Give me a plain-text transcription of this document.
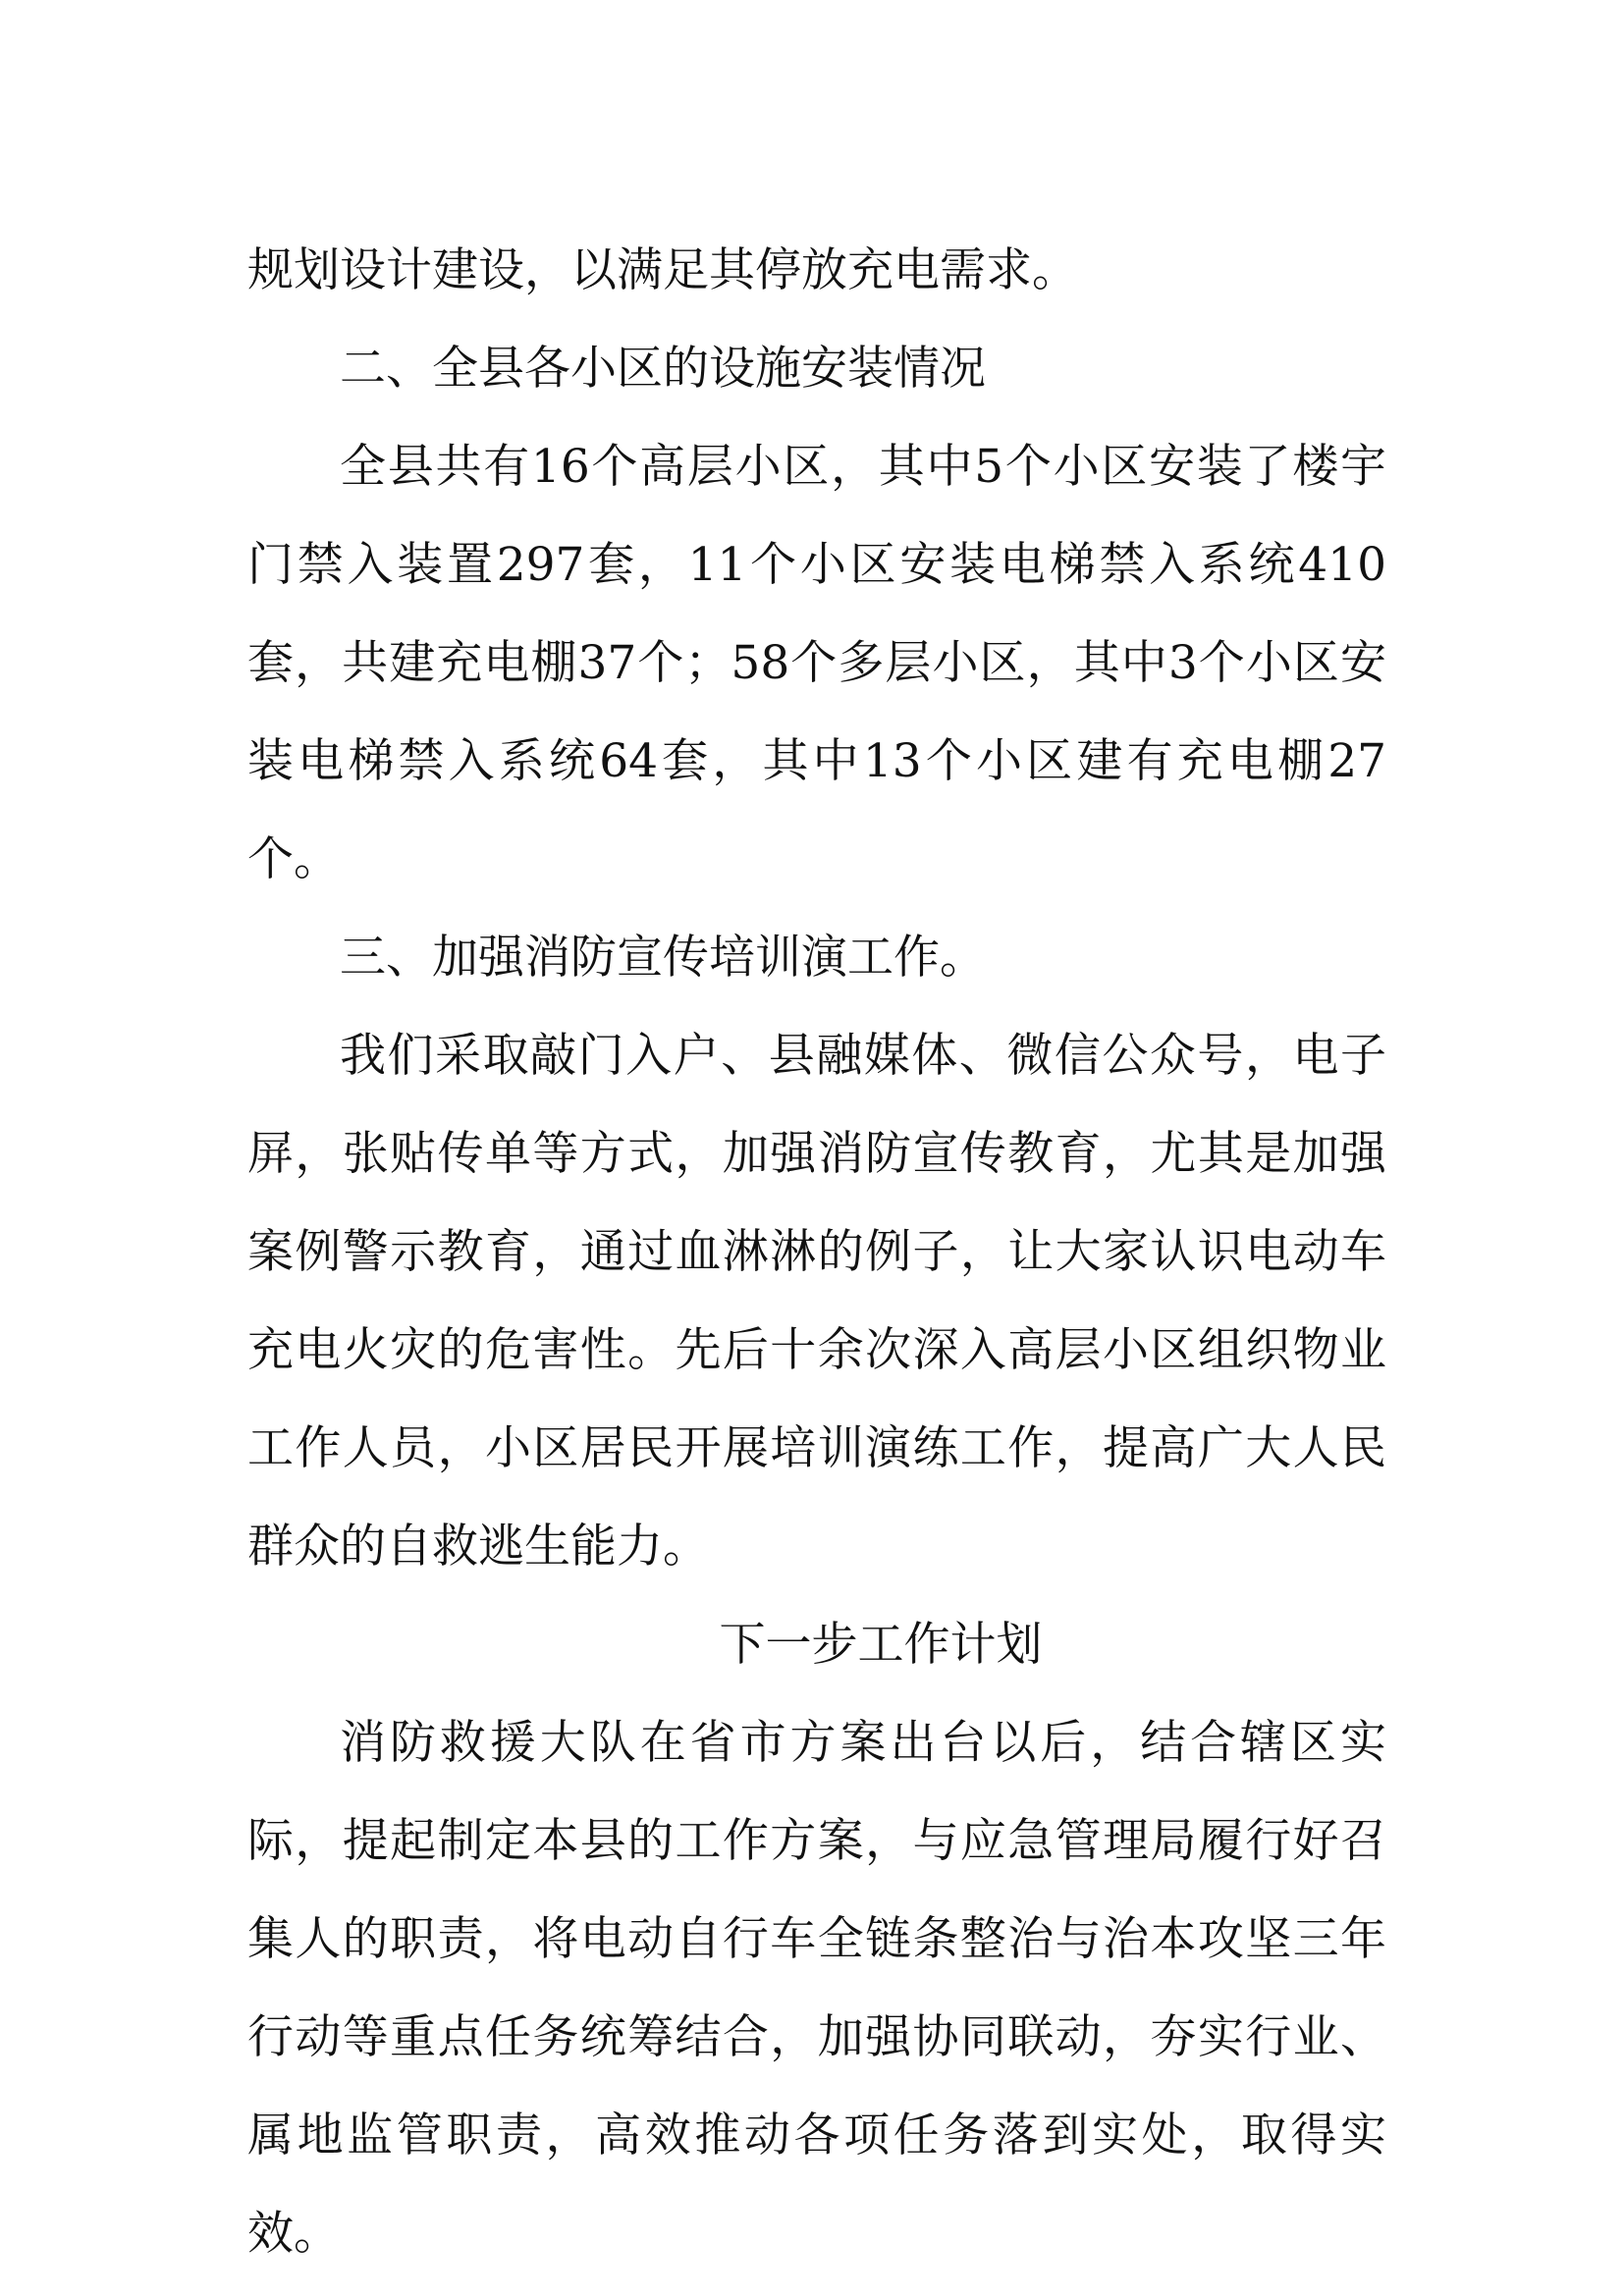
规划设计建设，以满足其停放充电需求。

二、全县各小区的设施安装情况

全县共有16个高层小区，其中5个小区安装了楼宇门禁入装置297套，11个小区安装电梯禁入系统410套，共建充电棚37个；58个多层小区，其中3个小区安装电梯禁入系统64套，其中13个小区建有充电棚27个。

三、加强消防宣传培训演工作。

我们采取敲门入户、县融媒体、微信公众号，电子屏，张贴传单等方式，加强消防宣传教育，尤其是加强案例警示教育，通过血淋淋的例子，让大家认识电动车充电火灾的危害性。先后十余次深入高层小区组织物业工作人员，小区居民开展培训演练工作，提高广大人民群众的自救逃生能力。

下一步工作计划

消防救援大队在省市方案出台以后，结合辖区实际，提起制定本县的工作方案，与应急管理局履行好召集人的职责，将电动自行车全链条整治与治本攻坚三年行动等重点任务统筹结合，加强协同联动，夯实行业、属地监管职责，高效推动各项任务落到实处，取得实效。
